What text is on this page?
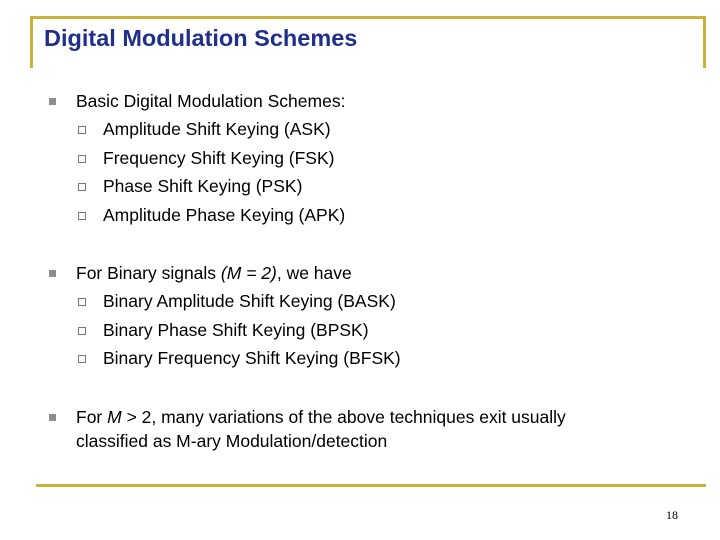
Digital Modulation Schemes
Basic Digital Modulation Schemes:
Amplitude Shift Keying (ASK)
Frequency Shift Keying (FSK)
Phase Shift Keying (PSK)
Amplitude Phase Keying (APK)
For Binary signals (M = 2), we have
Binary Amplitude Shift Keying (BASK)
Binary Phase Shift Keying (BPSK)
Binary Frequency Shift Keying (BFSK)
For M > 2, many variations of the above techniques exit usually
classified as M-ary Modulation/detection
18
